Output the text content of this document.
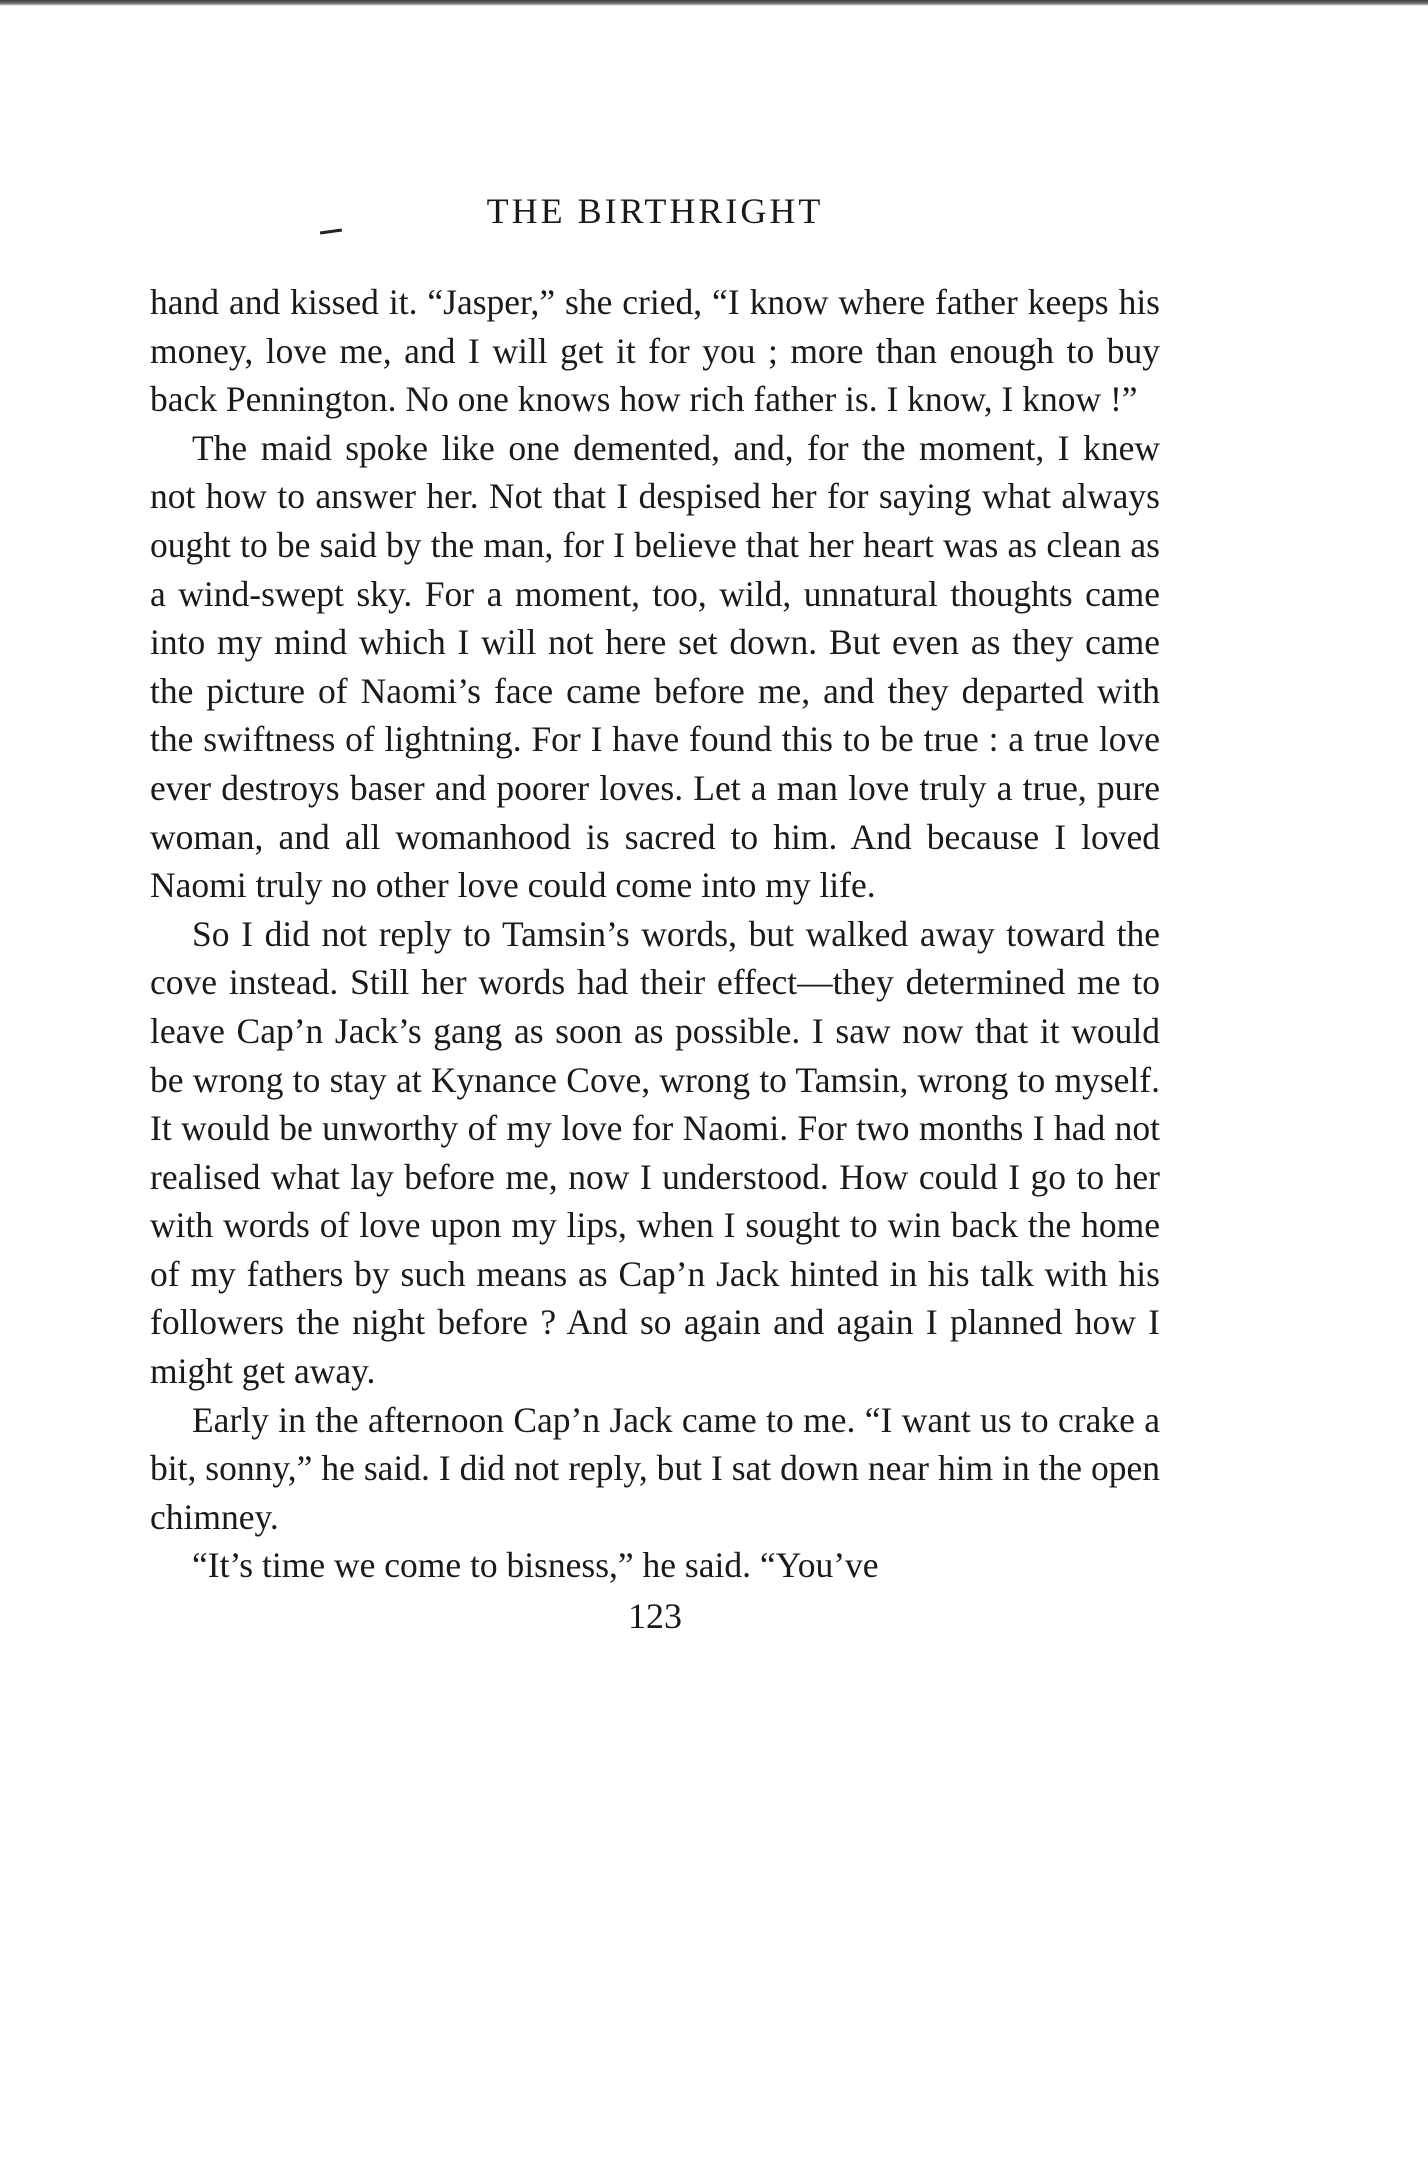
THE BIRTHRIGHT

hand and kissed it. “Jasper,” she cried, “I know where father keeps his money, love me, and I will get it for you ; more than enough to buy back Pennington. No one knows how rich father is. I know, I know !”

The maid spoke like one demented, and, for the moment, I knew not how to answer her. Not that I despised her for saying what always ought to be said by the man, for I believe that her heart was as clean as a wind-swept sky. For a moment, too, wild, unnatural thoughts came into my mind which I will not here set down. But even as they came the picture of Naomi’s face came before me, and they departed with the swiftness of lightning. For I have found this to be true : a true love ever destroys baser and poorer loves. Let a man love truly a true, pure woman, and all womanhood is sacred to him. And because I loved Naomi truly no other love could come into my life.

So I did not reply to Tamsin’s words, but walked away toward the cove instead. Still her words had their effect—they determined me to leave Cap’n Jack’s gang as soon as possible. I saw now that it would be wrong to stay at Kynance Cove, wrong to Tamsin, wrong to myself. It would be unworthy of my love for Naomi. For two months I had not realised what lay before me, now I understood. How could I go to her with words of love upon my lips, when I sought to win back the home of my fathers by such means as Cap’n Jack hinted in his talk with his followers the night before ? And so again and again I planned how I might get away.

Early in the afternoon Cap’n Jack came to me. “I want us to crake a bit, sonny,” he said. I did not reply, but I sat down near him in the open chimney.

“It’s time we come to bisness,” he said. “You’ve

123
